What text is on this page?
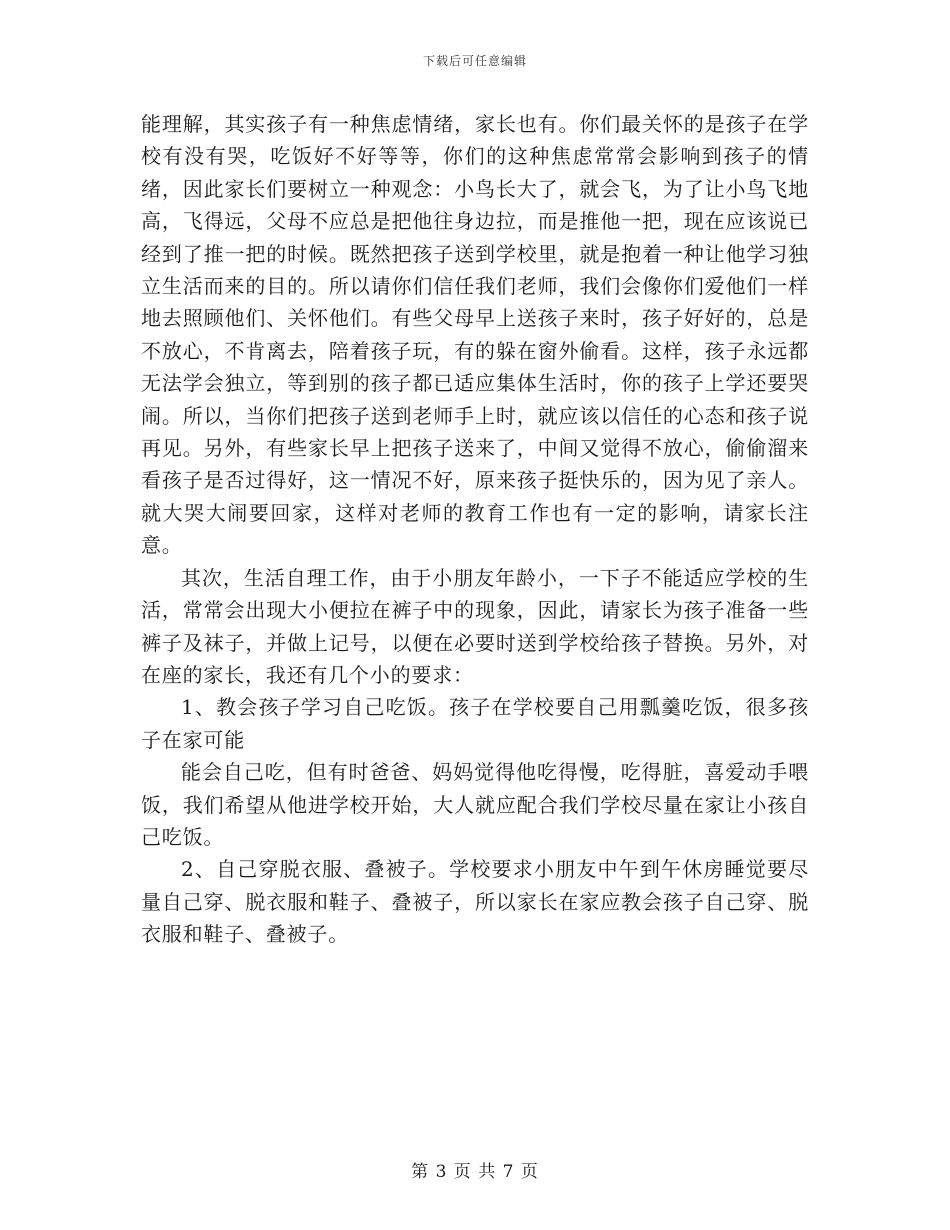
下载后可任意编辑

能理解，其实孩子有一种焦虑情绪，家长也有。你们最关怀的是孩子在学校有没有哭，吃饭好不好等等，你们的这种焦虑常常会影响到孩子的情绪，因此家长们要树立一种观念：小鸟长大了，就会飞，为了让小鸟飞地高，飞得远，父母不应总是把他往身边拉，而是推他一把，现在应该说已经到了推一把的时候。既然把孩子送到学校里，就是抱着一种让他学习独立生活而来的目的。所以请你们信任我们老师，我们会像你们爱他们一样地去照顾他们、关怀他们。有些父母早上送孩子来时，孩子好好的，总是不放心，不肯离去，陪着孩子玩，有的躲在窗外偷看。这样，孩子永远都无法学会独立，等到别的孩子都已适应集体生活时，你的孩子上学还要哭闹。所以，当你们把孩子送到老师手上时，就应该以信任的心态和孩子说再见。另外，有些家长早上把孩子送来了，中间又觉得不放心，偷偷溜来看孩子是否过得好，这一情况不好，原来孩子挺快乐的，因为见了亲人。就大哭大闹要回家，这样对老师的教育工作也有一定的影响，请家长注意。

其次，生活自理工作，由于小朋友年龄小，一下子不能适应学校的生活，常常会出现大小便拉在裤子中的现象，因此，请家长为孩子准备一些裤子及袜子，并做上记号，以便在必要时送到学校给孩子替换。另外，对在座的家长，我还有几个小的要求：

1、教会孩子学习自己吃饭。孩子在学校要自己用瓢羹吃饭，很多孩子在家可能

能会自己吃，但有时爸爸、妈妈觉得他吃得慢，吃得脏，喜爱动手喂饭，我们希望从他进学校开始，大人就应配合我们学校尽量在家让小孩自己吃饭。

2、自己穿脱衣服、叠被子。学校要求小朋友中午到午休房睡觉要尽量自己穿、脱衣服和鞋子、叠被子，所以家长在家应教会孩子自己穿、脱衣服和鞋子、叠被子。

第 3 页 共 7 页
